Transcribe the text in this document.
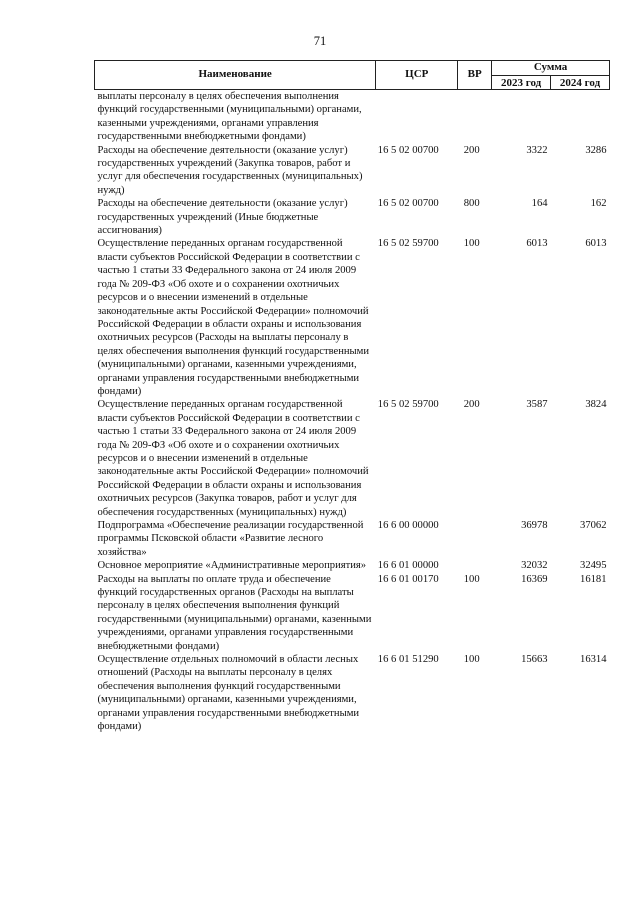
71
Наименование	ЦСР	ВР	Сумма	
			2023 год	2024 год
выплаты персоналу в целях обеспечения выполнения функций государственными (муниципальными) органами, казенными учреждениями, органами управления государственными внебюджетными фондами)				
Расходы на обеспечение деятельности (оказание услуг) государственных учреждений (Закупка товаров, работ и услуг для обеспечения государственных (муниципальных) нужд)	16 5 02 00700	200	3322	3286
Расходы на обеспечение деятельности (оказание услуг) государственных учреждений (Иные бюджетные ассигнования)	16 5 02 00700	800	164	162
Осуществление переданных органам государственной власти субъектов Российской Федерации в соответствии с частью 1 статьи 33 Федерального закона от 24 июля 2009 года № 209-ФЗ «Об охоте и о сохранении охотничьих ресурсов и о внесении изменений в отдельные законодательные акты Российской Федерации» полномочий Российской Федерации в области охраны и использования охотничьих ресурсов (Расходы на выплаты персоналу в целях обеспечения выполнения функций государственными (муниципальными) органами, казенными учреждениями, органами управления государственными внебюджетными фондами)	16 5 02 59700	100	6013	6013
Осуществление переданных органам государственной власти субъектов Российской Федерации в соответствии с частью 1 статьи 33 Федерального закона от 24 июля 2009 года № 209-ФЗ «Об охоте и о сохранении охотничьих ресурсов и о внесении изменений в отдельные законодательные акты Российской Федерации» полномочий Российской Федерации в области охраны и использования охотничьих ресурсов (Закупка товаров, работ и услуг для обеспечения государственных (муниципальных) нужд)	16 5 02 59700	200	3587	3824
Подпрограмма «Обеспечение реализации государственной программы Псковской области «Развитие лесного хозяйства»	16 6 00 00000		36978	37062
Основное мероприятие «Административные мероприятия»	16 6 01 00000		32032	32495
Расходы на выплаты по оплате труда и обеспечение функций государственных органов (Расходы на выплаты персоналу в целях обеспечения выполнения функций государственными (муниципальными) органами, казенными учреждениями, органами управления государственными внебюджетными фондами)	16 6 01 00170	100	16369	16181
Осуществление отдельных полномочий в области лесных отношений (Расходы на выплаты персоналу в целях обеспечения выполнения функций государственными (муниципальными) органами, казенными учреждениями, органами управления государственными внебюджетными фондами)	16 6 01 51290	100	15663	16314
